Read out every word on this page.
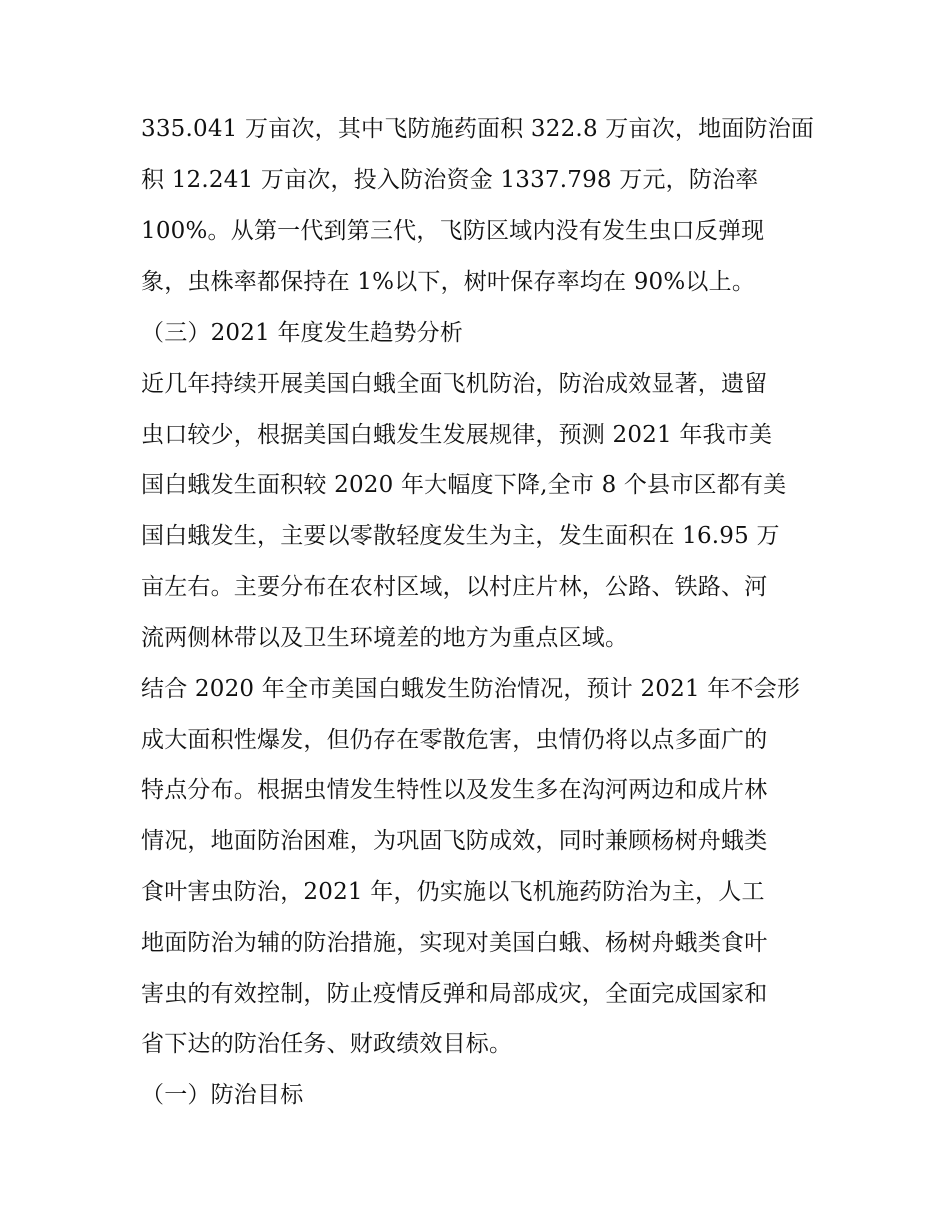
335.041 万亩次，其中飞防施药面积 322.8 万亩次，地面防治面
积 12.241 万亩次，投入防治资金 1337.798 万元，防治率
100%。从第一代到第三代，飞防区域内没有发生虫口反弹现
象，虫株率都保持在 1%以下，树叶保存率均在 90%以上。
（三）2021 年度发生趋势分析
近几年持续开展美国白蛾全面飞机防治，防治成效显著，遗留
虫口较少，根据美国白蛾发生发展规律，预测 2021 年我市美
国白蛾发生面积较 2020 年大幅度下降,全市 8 个县市区都有美
国白蛾发生，主要以零散轻度发生为主，发生面积在 16.95 万
亩左右。主要分布在农村区域，以村庄片林，公路、铁路、河
流两侧林带以及卫生环境差的地方为重点区域。
结合 2020 年全市美国白蛾发生防治情况，预计 2021 年不会形
成大面积性爆发，但仍存在零散危害，虫情仍将以点多面广的
特点分布。根据虫情发生特性以及发生多在沟河两边和成片林
情况，地面防治困难，为巩固飞防成效，同时兼顾杨树舟蛾类
食叶害虫防治，2021 年，仍实施以飞机施药防治为主，人工
地面防治为辅的防治措施，实现对美国白蛾、杨树舟蛾类食叶
害虫的有效控制，防止疫情反弹和局部成灾，全面完成国家和
省下达的防治任务、财政绩效目标。
（一）防治目标
